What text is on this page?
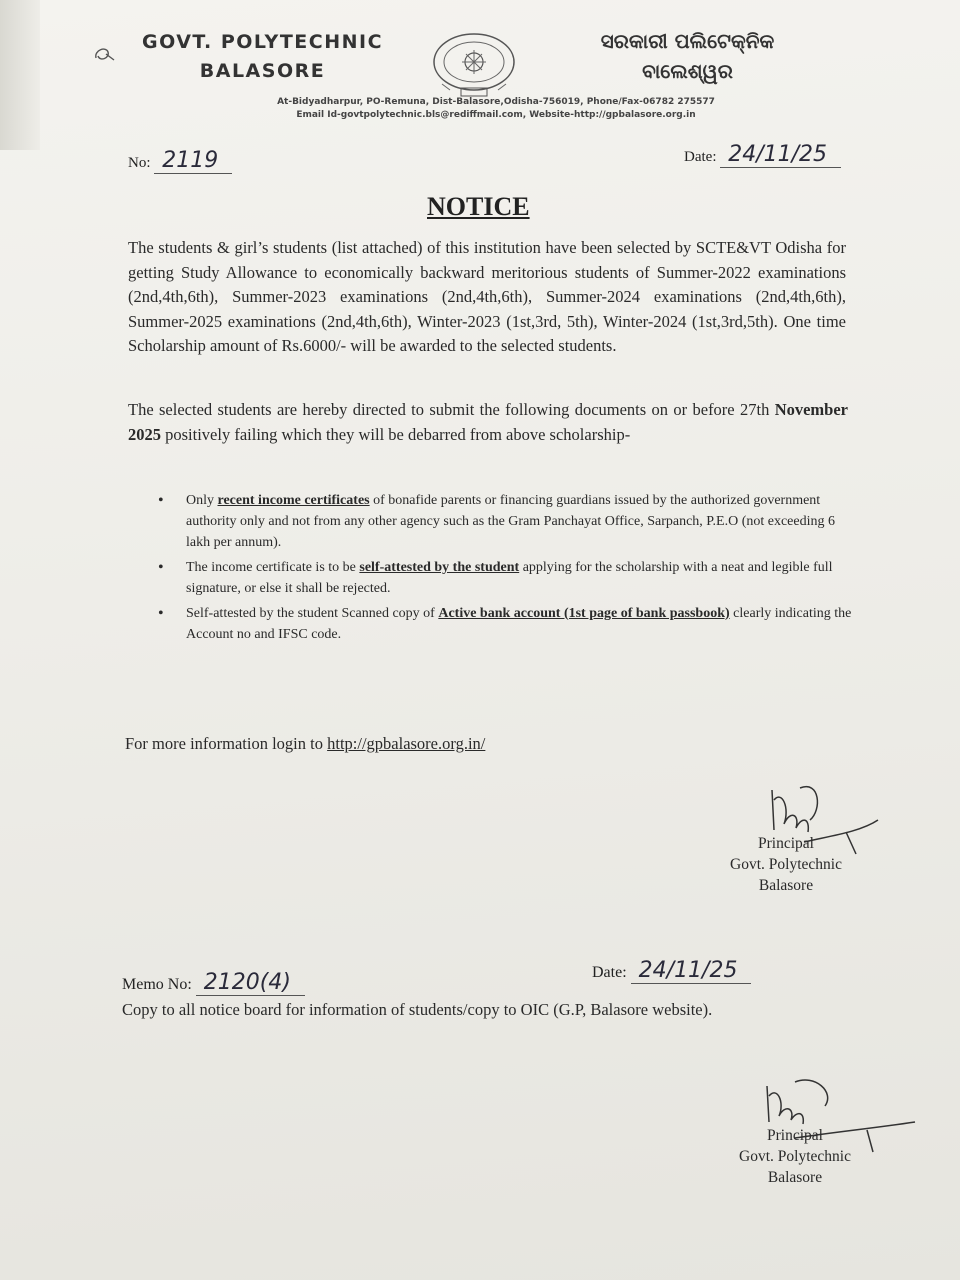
GOVT. POLYTECHNIC
BALASORE
ସରକାରୀ ପଲିଟେକ୍‌ନିକ
ବାଲେଶ୍ୱର
At-Bidyadharpur, PO-Remuna, Dist-Balasore,Odisha-756019, Phone/Fax-06782 275577
Email Id-govtpolytechnic.bls@rediffmail.com, Website-http://gpbalasore.org.in
No: 2119	Date: 24/11/25
NOTICE
The students & girl’s students (list attached) of this institution have been selected by SCTE&VT Odisha for getting Study Allowance to economically backward meritorious students of Summer-2022 examinations (2nd,4th,6th), Summer-2023 examinations (2nd,4th,6th), Summer-2024 examinations (2nd,4th,6th), Summer-2025 examinations (2nd,4th,6th), Winter-2023 (1st,3rd, 5th), Winter-2024 (1st,3rd,5th). One time Scholarship amount of Rs.6000/- will be awarded to the selected students.
The selected students are hereby directed to submit the following documents on or before 27th November 2025 positively failing which they will be debarred from above scholarship-
• Only recent income certificates of bonafide parents or financing guardians issued by the authorized government authority only and not from any other agency such as the Gram Panchayat Office, Sarpanch, P.E.O (not exceeding 6 lakh per annum).
• The income certificate is to be self-attested by the student applying for the scholarship with a neat and legible full signature, or else it shall be rejected.
• Self-attested by the student Scanned copy of Active bank account (1st page of bank passbook) clearly indicating the Account no and IFSC code.
For more information login to http://gpbalasore.org.in/
Principal
Govt. Polytechnic
Balasore
Memo No: 2120(4)	Date: 24/11/25
Copy to all notice board for information of students/copy to OIC (G.P, Balasore website).
Principal
Govt. Polytechnic
Balasore
